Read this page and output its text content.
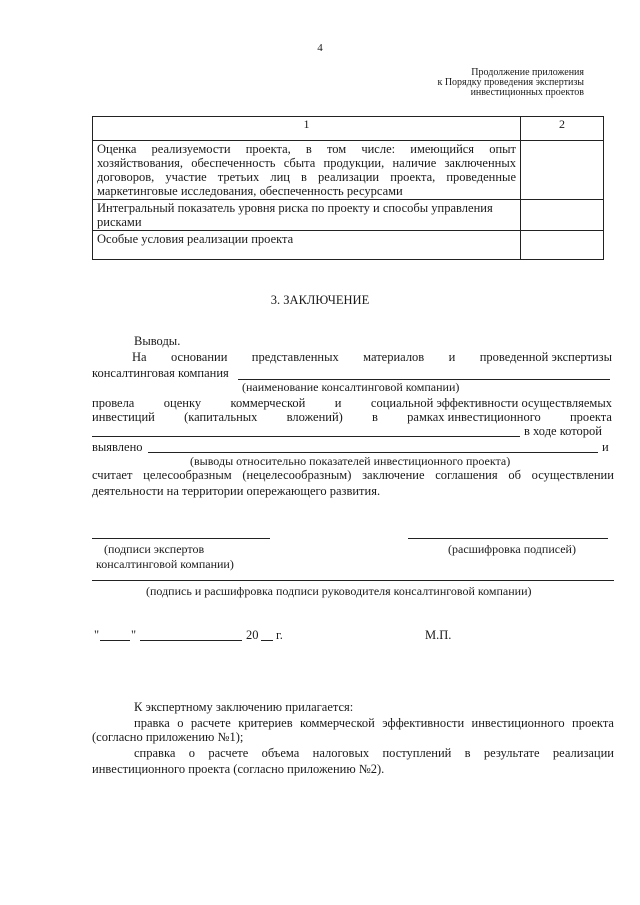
4
Продолжение приложения
к Порядку проведения экспертизы
инвестиционных проектов
1	2

Оценка реализуемости проекта, в том числе: имеющийся опыт
хозяйствования, обеспеченность сбыта продукции, наличие заключенных
договоров, участие третьих лиц в реализации проекта, проведенные
маркетинговые исследования, обеспеченность ресурсами	

Интегральный показатель уровня риска по проекту и способы управления
рисками	

Особые условия реализации проекта	

3. ЗАКЛЮЧЕНИЕ
Выводы.
На основании представленных материалов и проведенной экспертизы
консалтинговая компания
(наименование консалтинговой компании)
провела оценку коммерческой и социальной эффективности осуществляемых
инвестиций (капитальных вложений) в рамках инвестиционного проекта
в ходе которой
выявлено	и
(выводы относительно показателей инвестиционного проекта)
считает целесообразным (нецелесообразным) заключение соглашения об осуществлении
деятельности на территории опережающего развития.
(подписи экспертов	(расшифровка подписей)
консалтинговой компании)
(подпись и расшифровка подписи руководителя консалтинговой компании)
"	"	20 г.	М.П.
К экспертному заключению прилагается:
правка о расчете критериев коммерческой эффективности инвестиционного проекта
(согласно приложению №1);
справка о расчете объема налоговых поступлений в результате реализации
инвестиционного проекта (согласно приложению №2).
